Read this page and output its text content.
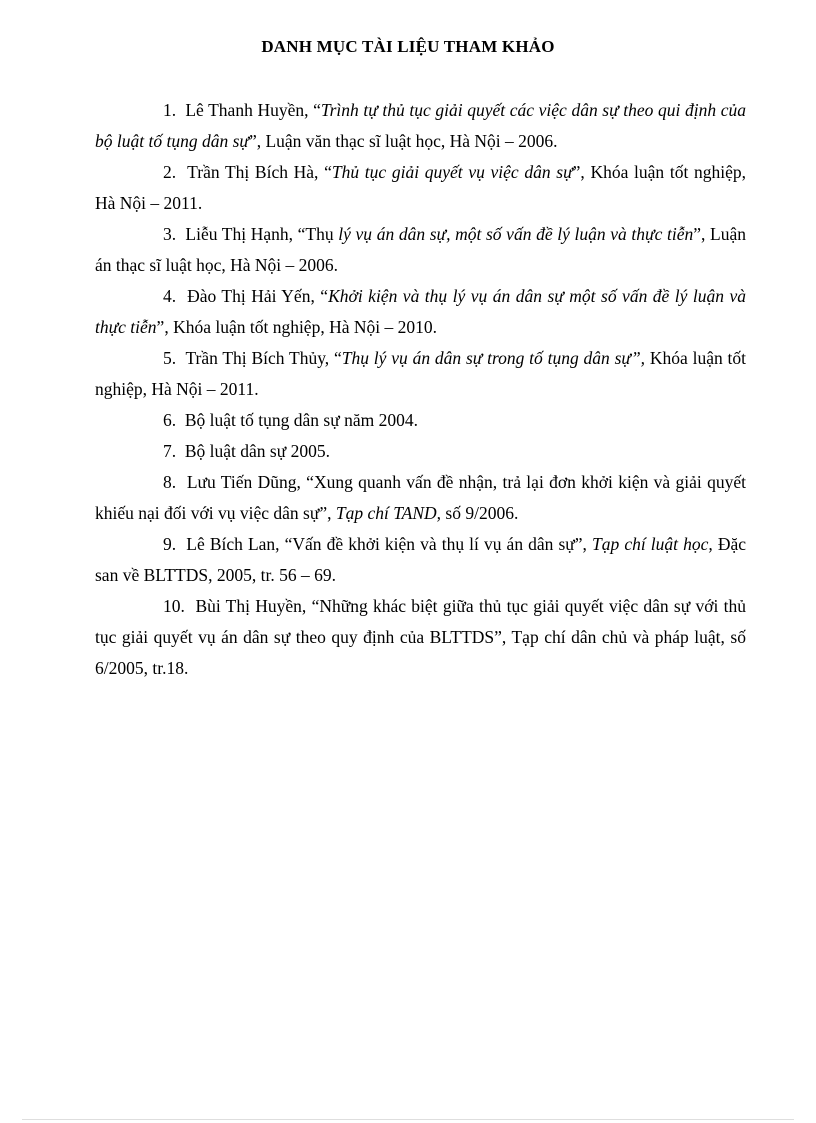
DANH MỤC TÀI LIỆU THAM KHẢO

1. Lê Thanh Huyền, “Trình tự thủ tục giải quyết các việc dân sự theo qui định của bộ luật tố tụng dân sự”, Luận văn thạc sĩ luật học, Hà Nội – 2006.

2. Trần Thị Bích Hà, “Thủ tục giải quyết vụ việc dân sự”, Khóa luận tốt nghiệp, Hà Nội – 2011.

3. Liễu Thị Hạnh, “Thụ lý vụ án dân sự, một số vấn đề lý luận và thực tiễn”, Luận án thạc sĩ luật học, Hà Nội – 2006.

4. Đào Thị Hải Yến, “Khởi kiện và thụ lý vụ án dân sự một số vấn đề lý luận và thực tiễn”, Khóa luận tốt nghiệp, Hà Nội – 2010.

5. Trần Thị Bích Thủy, “Thụ lý vụ án dân sự trong tố tụng dân sự”, Khóa luận tốt nghiệp, Hà Nội – 2011.

6. Bộ luật tố tụng dân sự năm 2004.

7. Bộ luật dân sự 2005.

8. Lưu Tiến Dũng, “Xung quanh vấn đề nhận, trả lại đơn khởi kiện và giải quyết khiếu nại đối với vụ việc dân sự”, Tạp chí TAND, số 9/2006.

9. Lê Bích Lan, “Vấn đề khởi kiện và thụ lí vụ án dân sự”, Tạp chí luật học, Đặc san về BLTTDS, 2005, tr. 56 – 69.

10. Bùi Thị Huyền, “Những khác biệt giữa thủ tục giải quyết việc dân sự với thủ tục giải quyết vụ án dân sự theo quy định của BLTTDS”, Tạp chí dân chủ và pháp luật, số 6/2005, tr.18.
